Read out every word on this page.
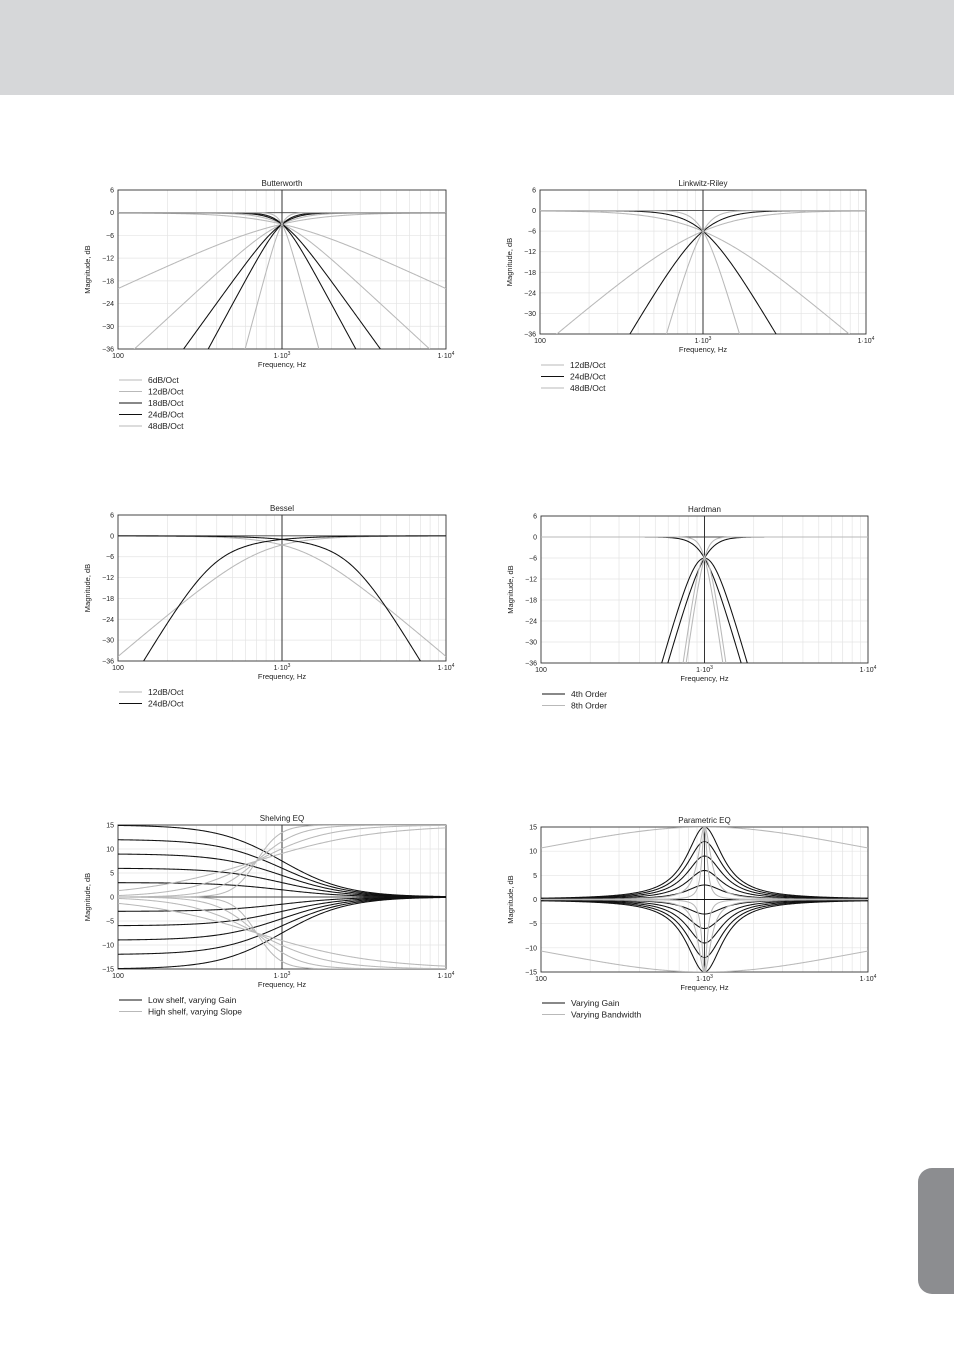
Butterworth
6
0
−6
−12
−18
−24
−30
−36
100	$1\cdot 10^3$	$1\cdot 10^4$
Frequency, Hz
Magnitude, dB
6dB/Oct
12dB/Oct
18dB/Oct
24dB/Oct
48dB/Oct
Linkwitz-Riley
6
0
−6
−12
−18
−24
−30
−36
100	$1\cdot 10^3$	$1\cdot 10^4$
Frequency, Hz
Magnitude, dB
12dB/Oct
24dB/Oct
48dB/Oct
Bessel
6
0
−6
−12
−18
−24
−30
−36
100	$1\cdot 10^3$	$1\cdot 10^4$
Frequency, Hz
Magnitude, dB
12dB/Oct
24dB/Oct
Hardman
6
0
−6
−12
−18
−24
−30
−36
100	$1\cdot 10^3$	$1\cdot 10^4$
Frequency, Hz
Magnitude, dB
4th Order
8th Order
Shelving EQ
15
10
5
0
−5
−10
−15
100	$1\cdot 10^3$	$1\cdot 10^4$
Frequency, Hz
Magnitude, dB
Low shelf, varying Gain
High shelf, varying Slope
Parametric EQ
15
10
5
0
−5
−10
−15
100	$1\cdot 10^3$	$1\cdot 10^4$
Frequency, Hz
Magnitude, dB
Varying Gain
Varying Bandwidth
